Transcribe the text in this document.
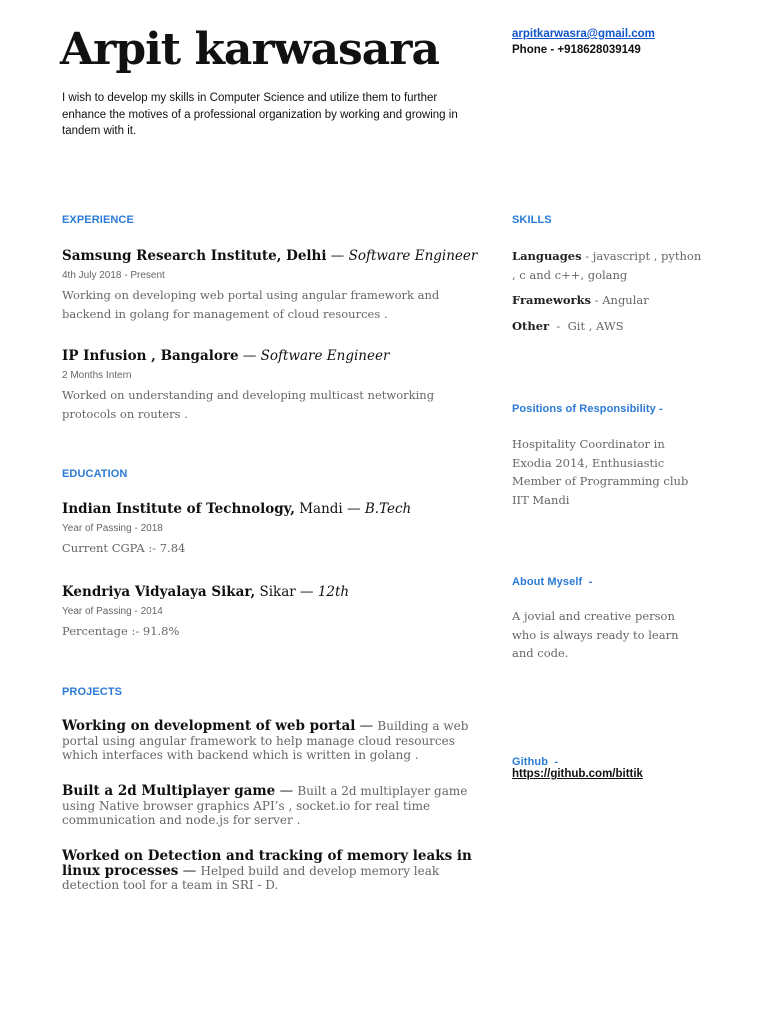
Arpit karwasara
I wish to develop my skills in Computer Science and utilize them to further enhance the motives of a professional organization by working and growing in tandem with it.
arpitkarwasra@gmail.com
Phone - +918628039149
EXPERIENCE
Samsung Research Institute, Delhi — Software Engineer
4th July 2018 - Present
Working on developing web portal using angular framework and backend in golang for management of cloud resources .
IP Infusion , Bangalore — Software Engineer
2 Months Intern
Worked on understanding and developing multicast networking protocols on routers .
EDUCATION
Indian Institute of Technology, Mandi — B.Tech
Year of Passing - 2018
Current CGPA :- 7.84
Kendriya Vidyalaya Sikar, Sikar — 12th
Year of Passing - 2014
Percentage :- 91.8%
PROJECTS
Working on development of web portal — Building a web portal using angular framework to help manage cloud resources which interfaces with backend which is written in golang .
Built a 2d Multiplayer game — Built a 2d multiplayer game using Native browser graphics API’s , socket.io for real time communication and node.js for server .
Worked on Detection and tracking of memory leaks in linux processes — Helped build and develop memory leak detection tool for a team in SRI - D.
SKILLS
Languages - javascript , python , c and c++, golang
Frameworks - Angular
Other  -  Git , AWS
Positions of Responsibility -
Hospitality Coordinator in Exodia 2014, Enthusiastic Member of Programming club IIT Mandi
About Myself  -
A jovial and creative person who is always ready to learn and code.
Github  -
https://github.com/bittik
